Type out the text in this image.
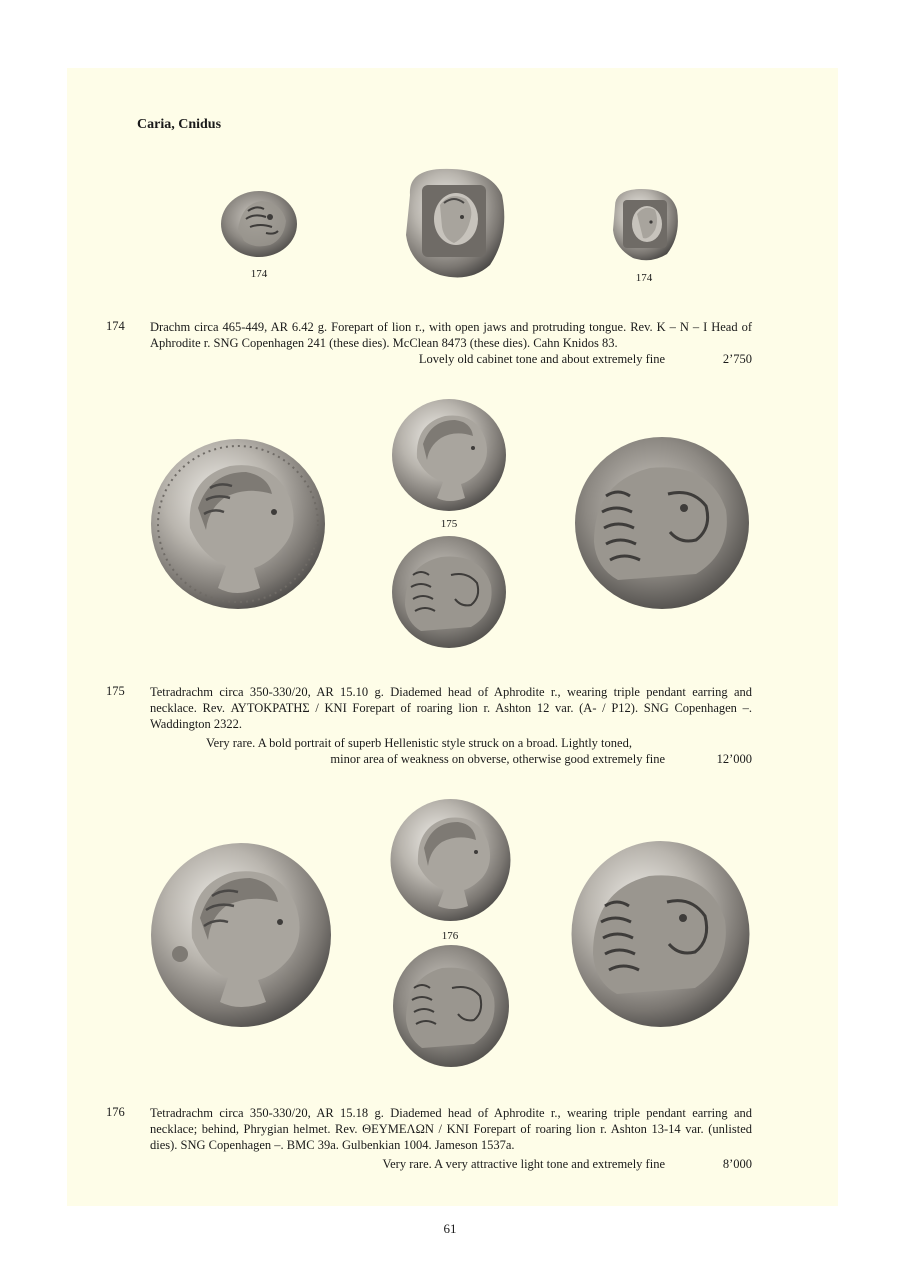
Caria, Cnidus
174	174
174 Drachm circa 465-449, AR 6.42 g. Forepart of lion r., with open jaws and protruding tongue. Rev. K – N – I Head of Aphrodite r. SNG Copenhagen 241 (these dies). McClean 8473 (these dies). Cahn Knidos 83.
Lovely old cabinet tone and about extremely fine	2’750
175
175 Tetradrachm circa 350-330/20, AR 15.10 g. Diademed head of Aphrodite r., wearing triple pendant earring and necklace. Rev. ΑΥΤΟΚΡΑΤΗΣ / KNI Forepart of roaring lion r. Ashton 12 var. (A- / P12). SNG Copenhagen –. Waddington 2322.
Very rare. A bold portrait of superb Hellenistic style struck on a broad. Lightly toned,
minor area of weakness on obverse, otherwise good extremely fine	12’000
176
176 Tetradrachm circa 350-330/20, AR 15.18 g. Diademed head of Aphrodite r., wearing triple pendant earring and necklace; behind, Phrygian helmet. Rev. ΘΕΥΜΕΛΩΝ / KNI Forepart of roaring lion r. Ashton 13-14 var. (unlisted dies). SNG Copenhagen –. BMC 39a. Gulbenkian 1004. Jameson 1537a.
Very rare. A very attractive light tone and extremely fine	8’000
61
